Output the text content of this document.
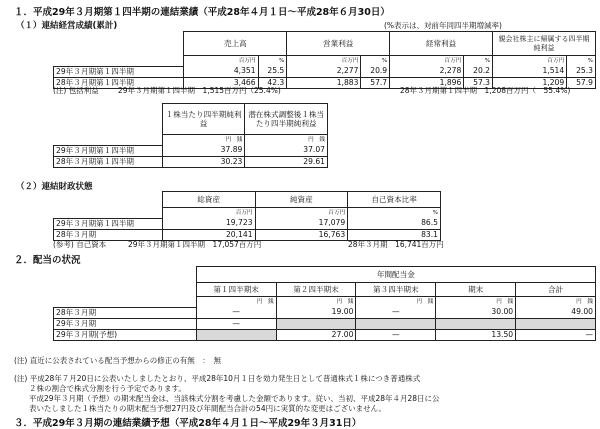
１．平成29年３月期第１四半期の連結業績（平成28年４月１日～平成28年６月30日）
（１）連結経営成績(累計)	(%表示は、対前年同四半期増減率)
	売上高		営業利益		経常利益		親会社株主に帰属する四半期純利益	
	百万円	%	百万円	%	百万円	%	百万円	%
29年３月期第１四半期	4,351	25.5	2,277	20.9	2,278	20.2	1,514	25.3
28年３月期第１四半期	3,466	42.3	1,883	57.7	1,896	57.3	1,209	57.9
(注) 包括利益	29年３月期第１四半期　1,515百万円（25.4%)	28年３月期第１四半期　1,208百万円（　55.4%)
	１株当たり四半期純利益	潜在株式調整後１株当たり四半期純利益
	円　 銭	円　 銭
29年３月期第１四半期	37.89	37.07
28年３月期第１四半期	30.23	29.61
（２）連結財政状態
	総資産	純資産	自己資本比率
	百万円	百万円	%
29年３月期第１四半期	19,723	17,079	86.5
28年３月期	20,141	16,763	83.1
(参考) 自己資本	29年３月期第１四半期　17,057百万円	28年３月期　16,741百万円
２．配当の状況
	年間配当金				
	第１四半期末	第２四半期末	第３四半期末	期末	合計
	円　 銭	円　 銭	円　 銭	円　 銭	円　 銭
28年３月期	—	19.00	—	30.00	49.00
29年３月期	—				
29年３月期(予想)		27.00	—	13.50	—
(注) 直近に公表されている配当予想からの修正の有無　：　無
(注) 平成28年７月20日に公表いたしましたとおり、平成28年10月１日を効力発生日として普通株式１株につき普通株式
　　２株の割合で株式分割を行う予定であります。
　　平成29年３月期（予想）の期末配当金は、当該株式分割を考慮した金額であります。従い、当初、平成28年４月28日に公
　　表いたしました１株当たりの期末配当予想27円及び年間配当合計の54円に実質的な変更はございません。
３．平成29年３月期の連結業績予想（平成28年４月１日～平成29年３月31日）
